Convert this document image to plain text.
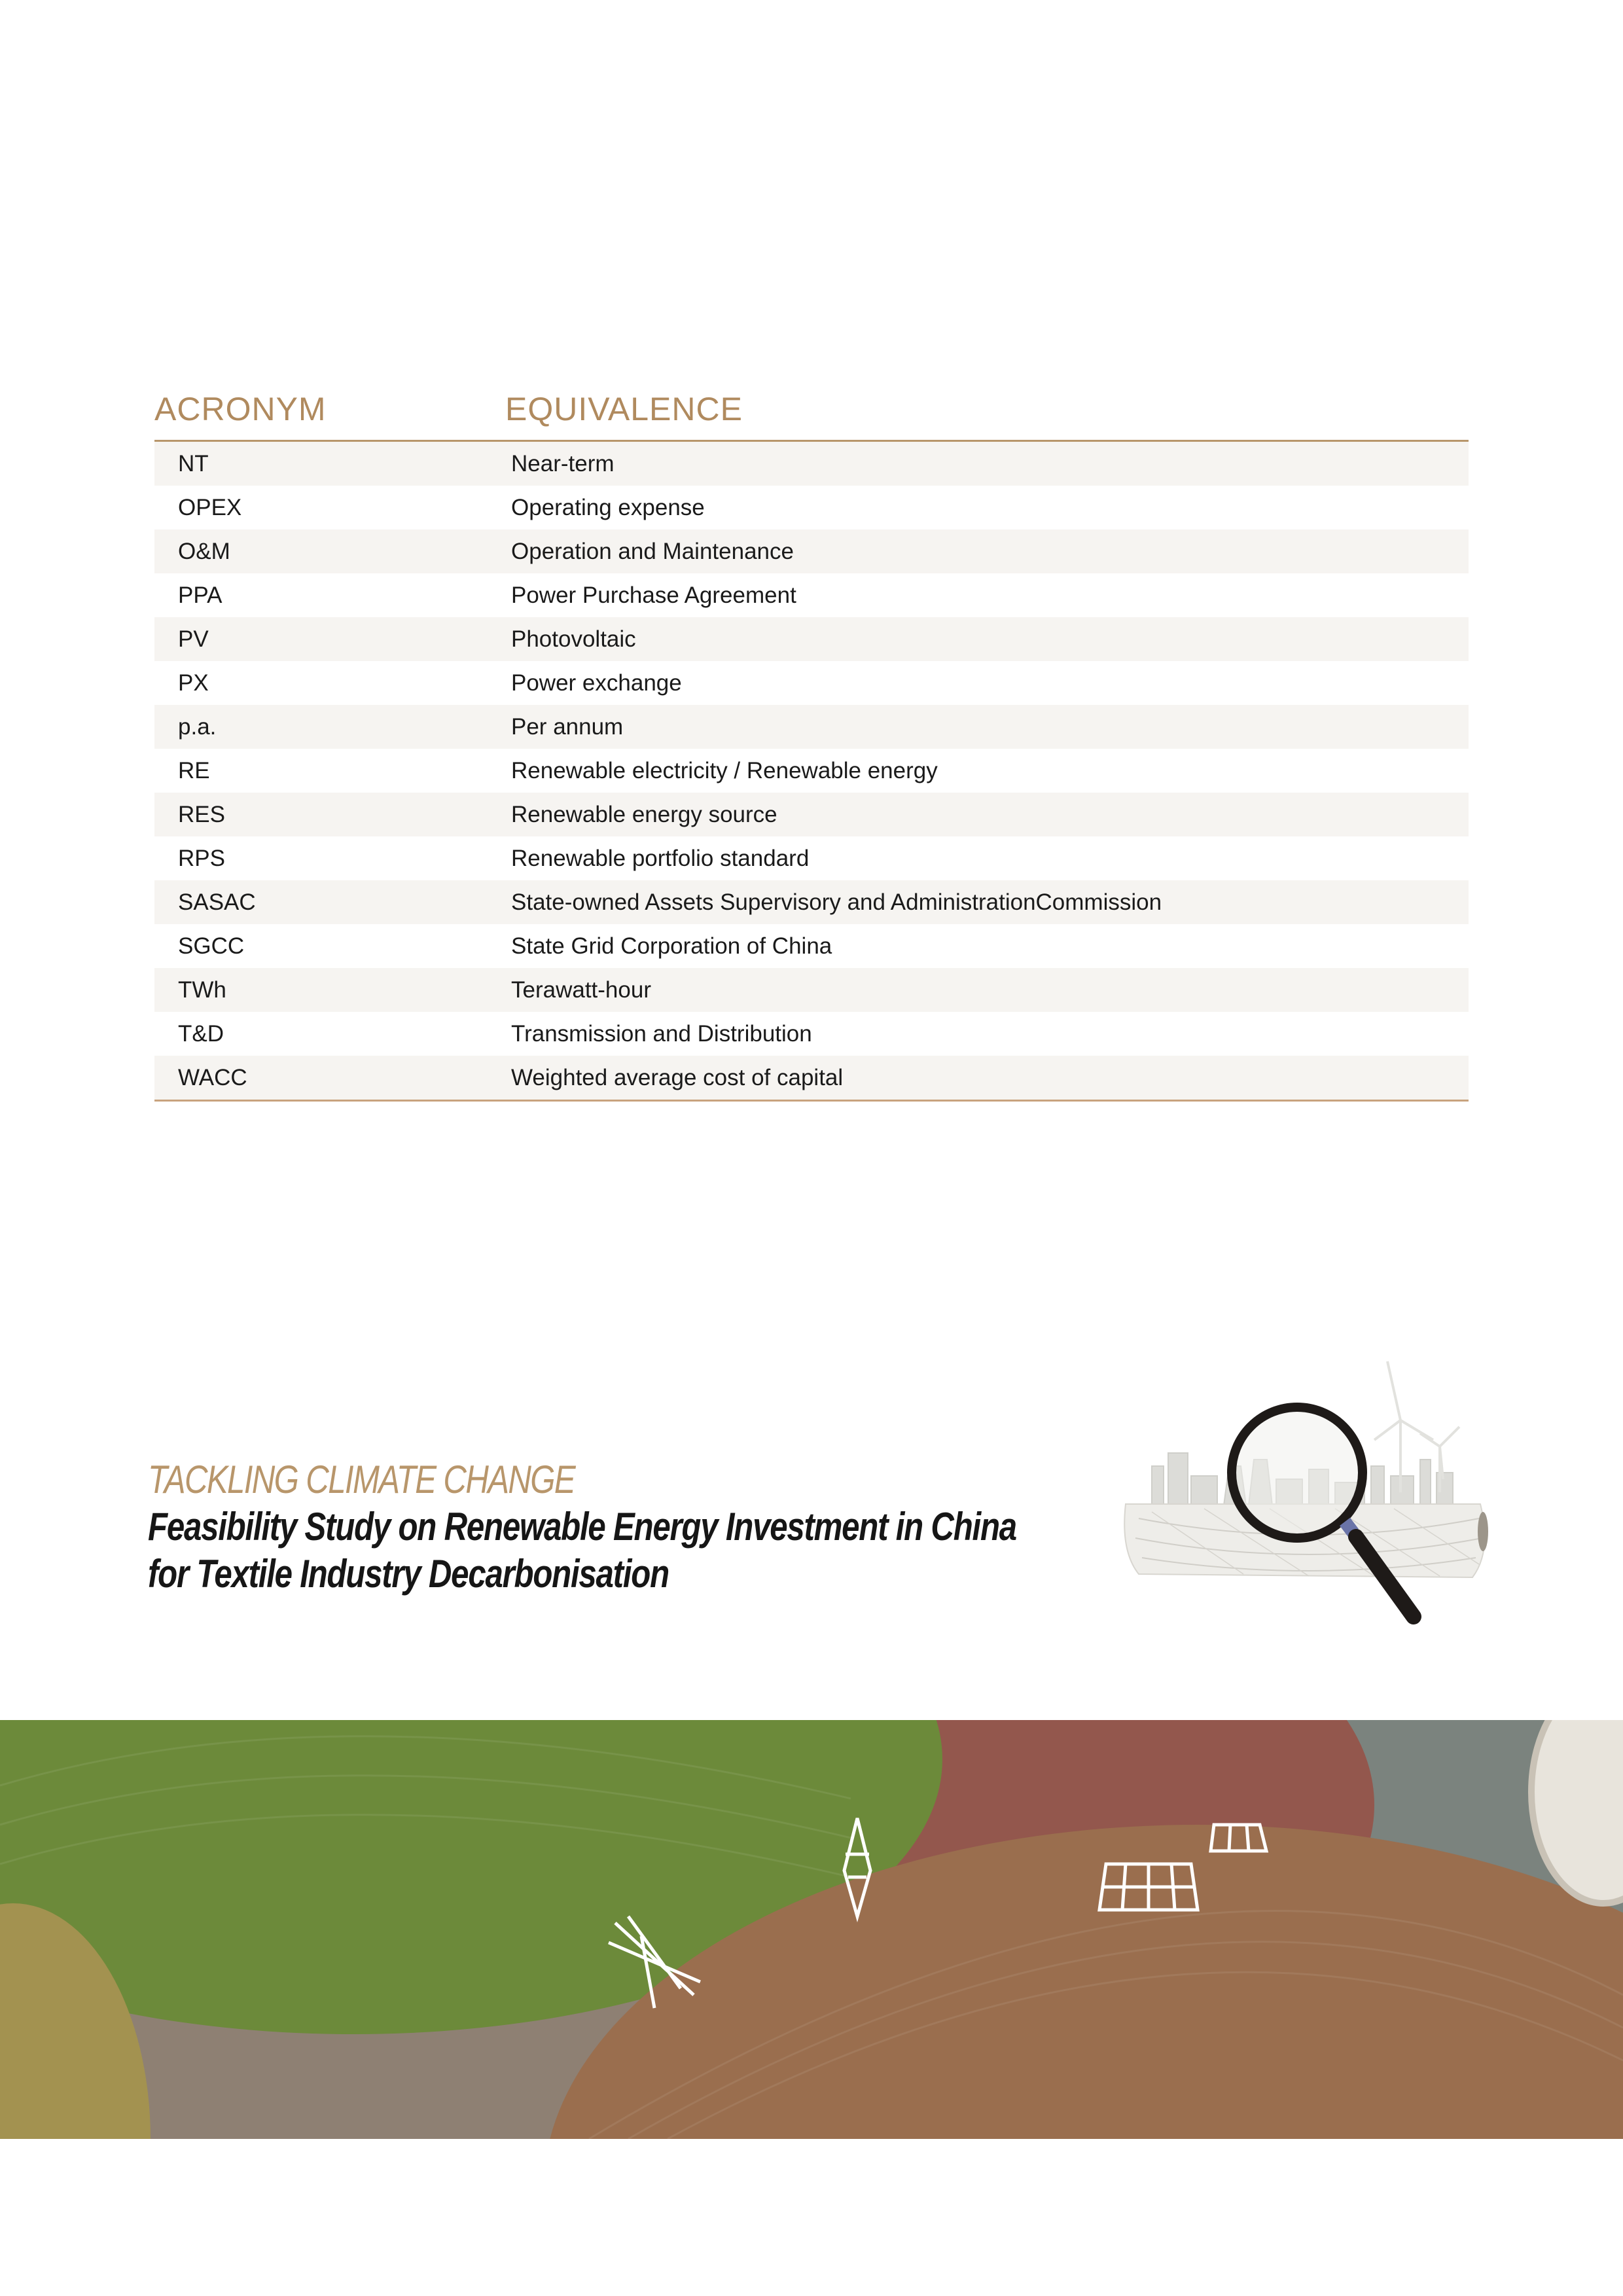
ACRONYM	EQUIVALENCE
NT	Near-term
OPEX	Operating expense
O&M	Operation and Maintenance
PPA	Power Purchase Agreement
PV	Photovoltaic
PX	Power exchange
p.a.	Per annum
RE	Renewable electricity / Renewable energy
RES	Renewable energy source
RPS	Renewable portfolio standard
SASAC	State-owned Assets Supervisory and AdministrationCommission
SGCC	State Grid Corporation of China
TWh	Terawatt-hour
T&D	Transmission and Distribution
WACC	Weighted average cost of capital
TACKLING CLIMATE CHANGE
Feasibility Study on Renewable Energy Investment in China
for Textile Industry Decarbonisation
